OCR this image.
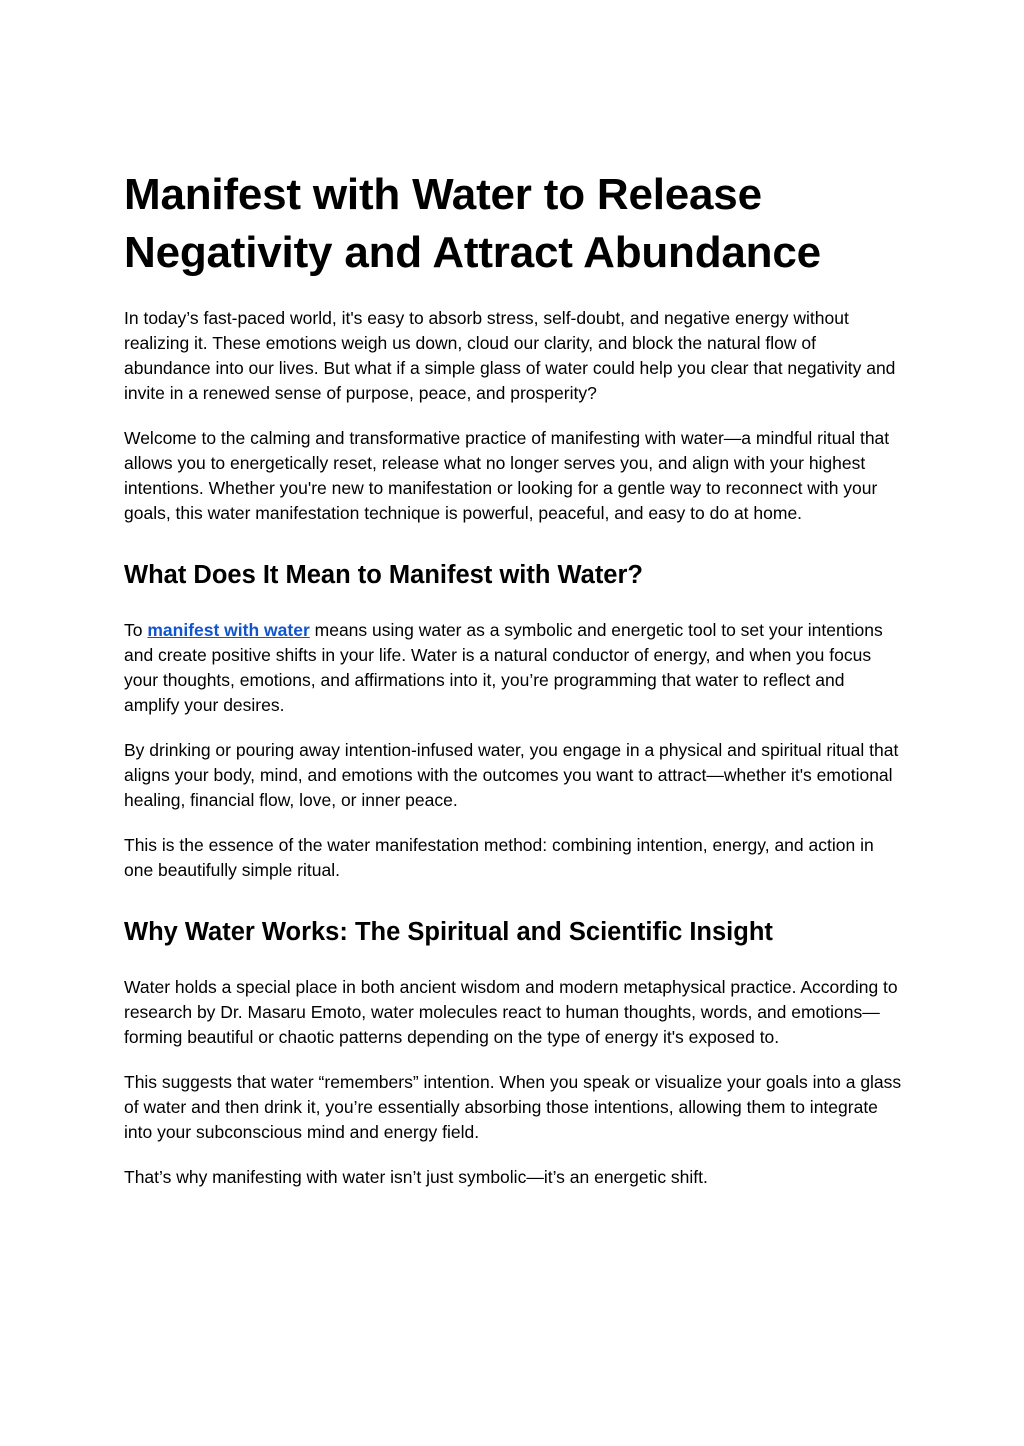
Manifest with Water to Release Negativity and Attract Abundance

In today’s fast-paced world, it's easy to absorb stress, self-doubt, and negative energy without realizing it. These emotions weigh us down, cloud our clarity, and block the natural flow of abundance into our lives. But what if a simple glass of water could help you clear that negativity and invite in a renewed sense of purpose, peace, and prosperity?

Welcome to the calming and transformative practice of manifesting with water—a mindful ritual that allows you to energetically reset, release what no longer serves you, and align with your highest intentions. Whether you're new to manifestation or looking for a gentle way to reconnect with your goals, this water manifestation technique is powerful, peaceful, and easy to do at home.

What Does It Mean to Manifest with Water?

To manifest with water means using water as a symbolic and energetic tool to set your intentions and create positive shifts in your life. Water is a natural conductor of energy, and when you focus your thoughts, emotions, and affirmations into it, you’re programming that water to reflect and amplify your desires.

By drinking or pouring away intention-infused water, you engage in a physical and spiritual ritual that aligns your body, mind, and emotions with the outcomes you want to attract—whether it's emotional healing, financial flow, love, or inner peace.

This is the essence of the water manifestation method: combining intention, energy, and action in one beautifully simple ritual.

Why Water Works: The Spiritual and Scientific Insight

Water holds a special place in both ancient wisdom and modern metaphysical practice. According to research by Dr. Masaru Emoto, water molecules react to human thoughts, words, and emotions—forming beautiful or chaotic patterns depending on the type of energy it's exposed to.

This suggests that water “remembers” intention. When you speak or visualize your goals into a glass of water and then drink it, you’re essentially absorbing those intentions, allowing them to integrate into your subconscious mind and energy field.

That’s why manifesting with water isn’t just symbolic—it’s an energetic shift.
